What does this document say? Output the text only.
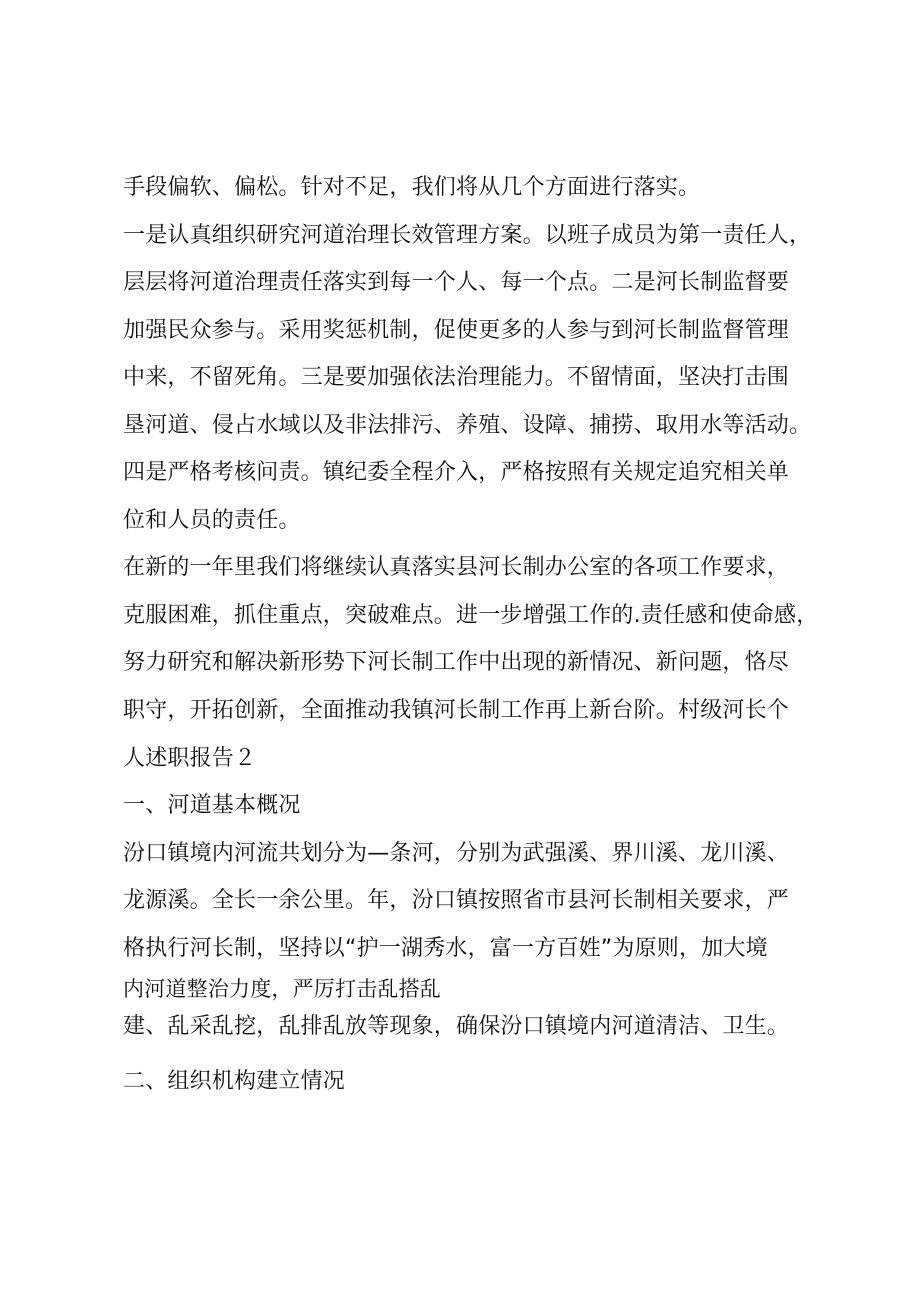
手段偏软、偏松。针对不足，我们将从几个方面进行落实。
一是认真组织研究河道治理长效管理方案。以班子成员为第一责任人，
层层将河道治理责任落实到每一个人、每一个点。二是河长制监督要
加强民众参与。采用奖惩机制，促使更多的人参与到河长制监督管理
中来，不留死角。三是要加强依法治理能力。不留情面，坚决打击围
垦河道、侵占水域以及非法排污、养殖、设障、捕捞、取用水等活动。
四是严格考核问责。镇纪委全程介入，严格按照有关规定追究相关单
位和人员的责任。
在新的一年里我们将继续认真落实县河长制办公室的各项工作要求，
克服困难，抓住重点，突破难点。进一步增强工作的.责任感和使命感，
努力研究和解决新形势下河长制工作中出现的新情况、新问题，恪尽
职守，开拓创新，全面推动我镇河长制工作再上新台阶。村级河长个
人述职报告２
一、河道基本概况
汾口镇境内河流共划分为—条河，分别为武强溪、界川溪、龙川溪、
龙源溪。全长一余公里。年，汾口镇按照省市县河长制相关要求，严
格执行河长制，坚持以“护一湖秀水，富一方百姓”为原则，加大境
内河道整治力度，严厉打击乱搭乱
建、乱采乱挖，乱排乱放等现象，确保汾口镇境内河道清洁、卫生。
二、组织机构建立情况
